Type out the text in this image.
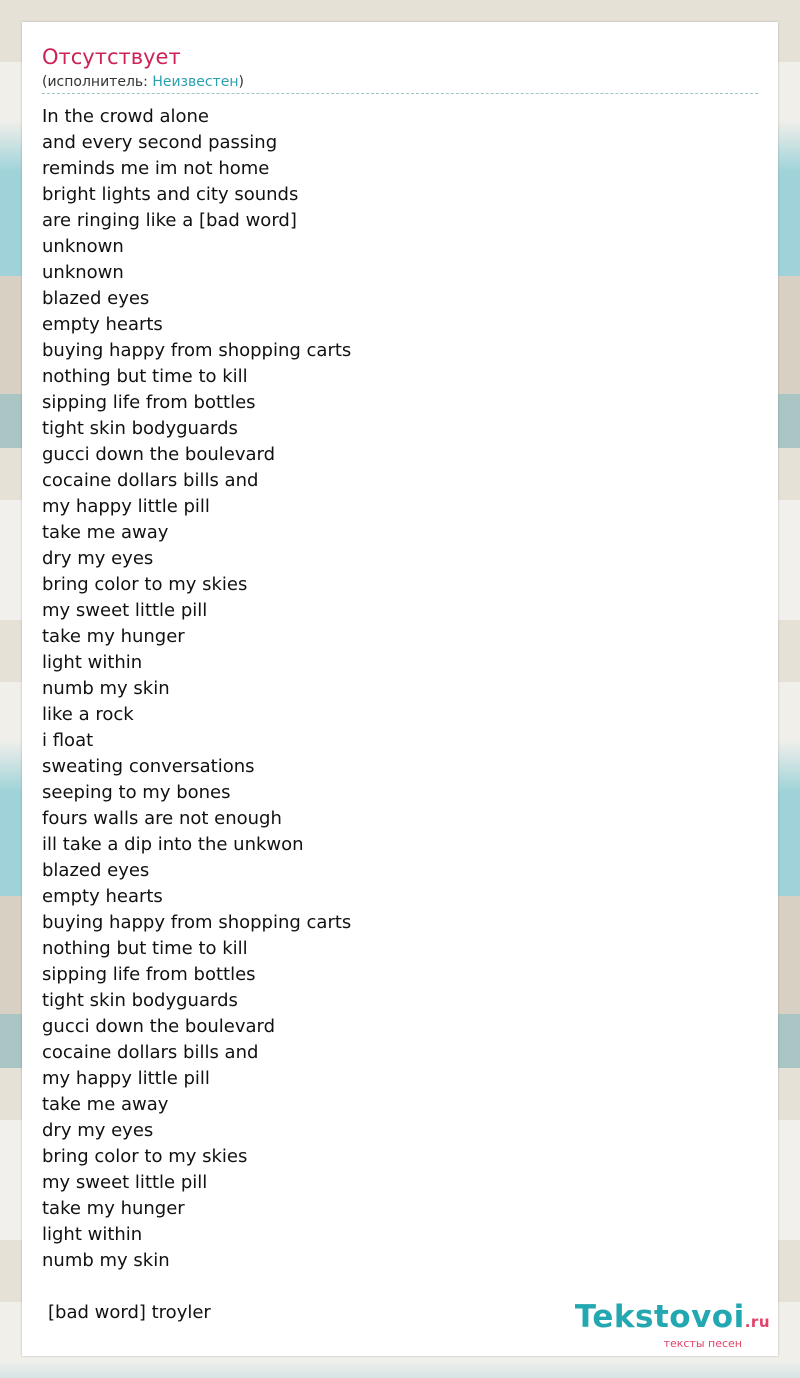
Отсутствует
(исполнитель: Неизвестен)
In the crowd alone
and every second passing
reminds me im not home
bright lights and city sounds
are ringing like a [bad word]
unknown
unknown
blazed eyes
empty hearts
buying happy from shopping carts
nothing but time to kill
sipping life from bottles
tight skin bodyguards
gucci down the boulevard
cocaine dollars bills and
my happy little pill
take me away
dry my eyes
bring color to my skies
my sweet little pill
take my hunger
light within
numb my skin
like a rock
i float
sweating conversations
seeping to my bones
fours walls are not enough
ill take a dip into the unkwon
blazed eyes
empty hearts
buying happy from shopping carts
nothing but time to kill
sipping life from bottles
tight skin bodyguards
gucci down the boulevard
cocaine dollars bills and
my happy little pill
take me away
dry my eyes
bring color to my skies
my sweet little pill
take my hunger
light within
numb my skin
[bad word] troyler	Tekstovoi.ru
тексты песен
